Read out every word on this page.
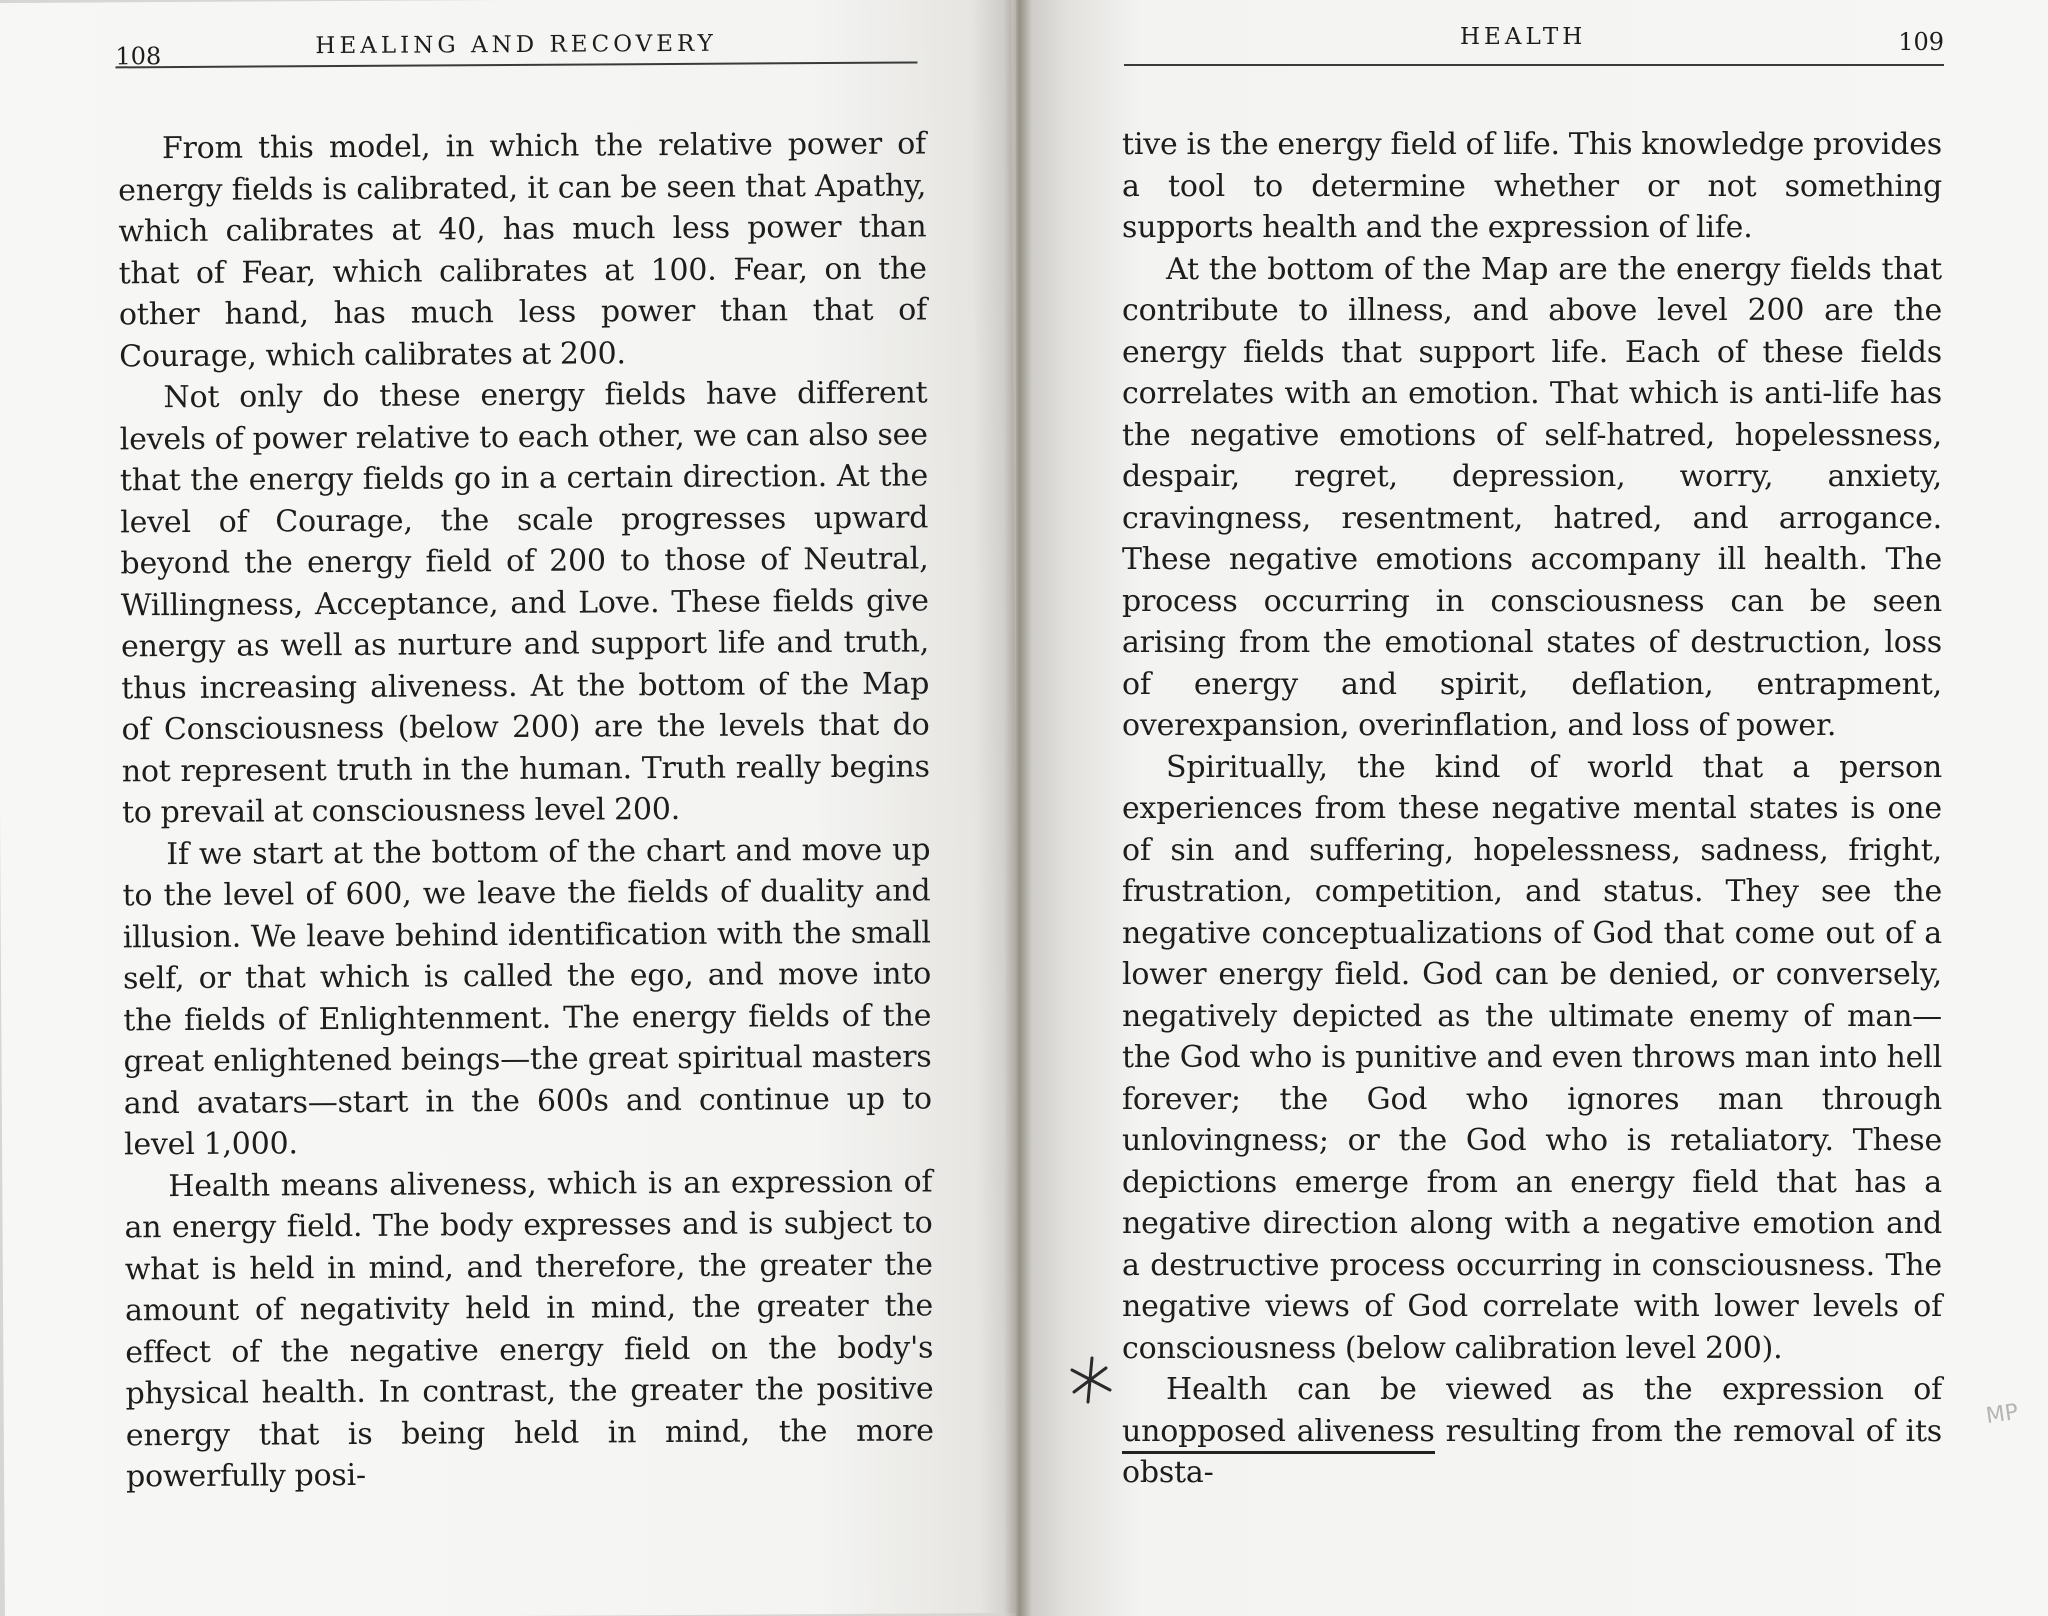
108	HEALING AND RECOVERY

From this model, in which the relative power of energy fields is calibrated, it can be seen that Apathy, which calibrates at 40, has much less power than that of Fear, which calibrates at 100. Fear, on the other hand, has much less power than that of Courage, which calibrates at 200.

Not only do these energy fields have different levels of power relative to each other, we can also see that the energy fields go in a certain direction. At the level of Courage, the scale progresses upward beyond the energy field of 200 to those of Neutral, Willingness, Acceptance, and Love. These fields give energy as well as nurture and support life and truth, thus increasing aliveness. At the bottom of the Map of Consciousness (below 200) are the levels that do not represent truth in the human. Truth really begins to prevail at consciousness level 200.

If we start at the bottom of the chart and move up to the level of 600, we leave the fields of duality and illusion. We leave behind identification with the small self, or that which is called the ego, and move into the fields of Enlightenment. The energy fields of the great enlightened beings—the great spiritual masters and avatars—start in the 600s and continue up to level 1,000.

Health means aliveness, which is an expression of an energy field. The body expresses and is subject to what is held in mind, and therefore, the greater the amount of negativity held in mind, the greater the effect of the negative energy field on the body's physical health. In contrast, the greater the positive energy that is being held in mind, the more powerfully posi-

HEALTH	109

tive is the energy field of life. This knowledge provides a tool to determine whether or not something supports health and the expression of life.

At the bottom of the Map are the energy fields that contribute to illness, and above level 200 are the energy fields that support life. Each of these fields correlates with an emotion. That which is anti-life has the negative emotions of self-hatred, hopelessness, despair, regret, depression, worry, anxiety, cravingness, resentment, hatred, and arrogance. These negative emotions accompany ill health. The process occurring in consciousness can be seen arising from the emotional states of destruction, loss of energy and spirit, deflation, entrapment, overexpansion, overinflation, and loss of power.

Spiritually, the kind of world that a person experiences from these negative mental states is one of sin and suffering, hopelessness, sadness, fright, frustration, competition, and status. They see the negative conceptualizations of God that come out of a lower energy field. God can be denied, or conversely, negatively depicted as the ultimate enemy of man—the God who is punitive and even throws man into hell forever; the God who ignores man through unlovingness; or the God who is retaliatory. These depictions emerge from an energy field that has a negative direction along with a negative emotion and a destructive process occurring in consciousness. The negative views of God correlate with lower levels of consciousness (below calibration level 200).

Health can be viewed as the expression of unopposed aliveness resulting from the removal of its obsta-

MP
